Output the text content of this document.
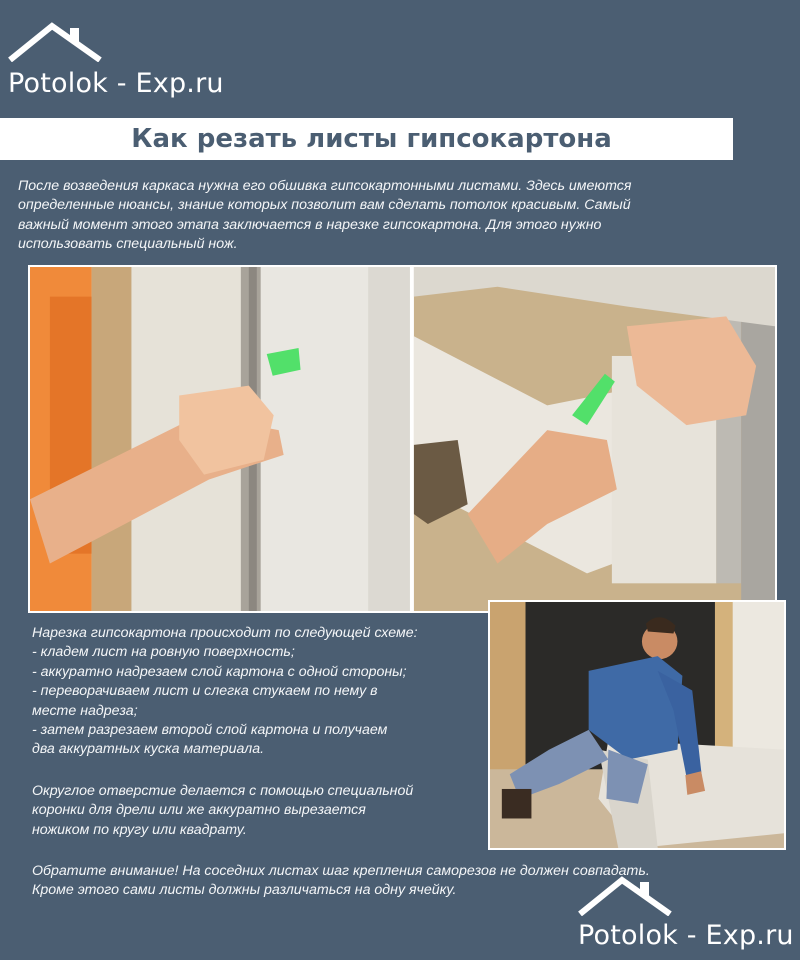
Potolok - Exp.ru
Как резать листы гипсокартона
После возведения каркаса нужна его обшивка гипсокартонными листами. Здесь имеются
определенные нюансы, знание которых позволит вам сделать потолок красивым. Самый
важный момент этого этапа заключается в нарезке гипсокартона. Для этого нужно
использовать специальный нож.
Нарезка гипсокартона происходит по следующей схеме:
- кладем лист на ровную поверхность;
- аккуратно надрезаем слой картона с одной стороны;
- переворачиваем лист и слегка стукаем по нему в
месте надреза;
- затем разрезаем второй слой картона и получаем
два аккуратных куска материала.
Округлое отверстие делается с помощью специальной
коронки для дрели или же аккуратно вырезается
ножиком по кругу или квадрату.
Обратите внимание! На соседних листах шаг крепления саморезов не должен совпадать.
Кроме этого сами листы должны различаться на одну ячейку.
Potolok - Exp.ru
